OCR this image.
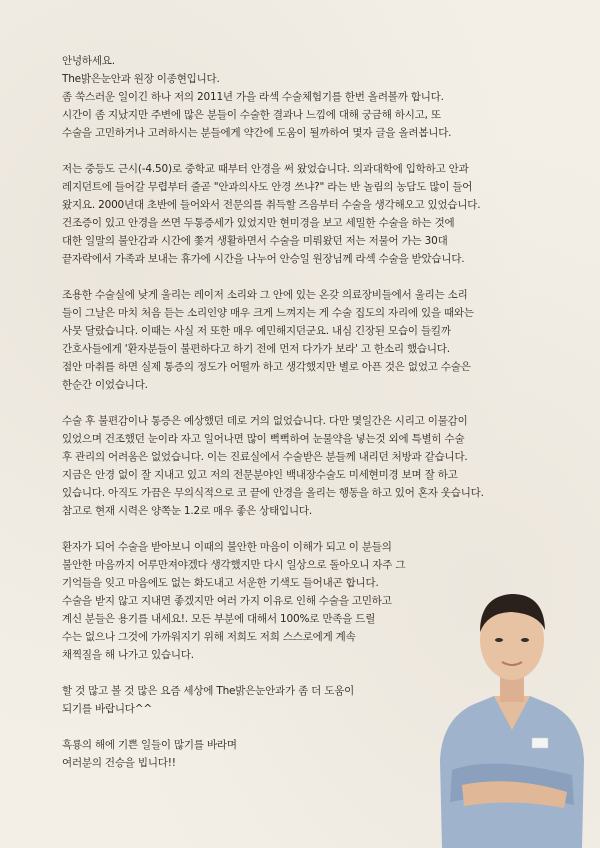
안녕하세요.

The밝은눈안과 원장 이종현입니다.

좀 쑥스러운 일이긴 하나 저의 2011년 가을 라섹 수술체험기를 한번 올려볼까 합니다.

시간이 좀 지났지만 주변에 많은 분들이 수술한 결과나 느낌에 대해 궁금해 하시고, 또

수술을 고민하거나 고려하시는 분들에게 약간에 도움이 될까하여 몇자 글을 올려봅니다.

저는 중등도 근시(-4.50)로 중학교 때부터 안경을 써 왔었습니다. 의과대학에 입학하고 안과

레지던트에 들어갈 무렵부터 줄곧 "안과의사도 안경 쓰냐?" 라는 반 놀림의 농담도 많이 들어

왔지요. 2000년대 초반에 들어와서 전문의를 취득할 즈음부터 수술을 생각해오고 있었습니다.

건조증이 있고 안경을 쓰면 두통증세가 있었지만 현미경을 보고 세밀한 수술을 하는 것에

대한 일말의 불안감과 시간에 쫓겨 생활하면서 수술을 미뤄왔던 저는 저물어 가는 30대

끝자락에서 가족과 보내는 휴가에 시간을 나누어 안승일 원장님께 라섹 수술을 받았습니다.

조용한 수술실에 낮게 울리는 레이저 소리와 그 안에 있는 온갖 의료장비들에서 울리는 소리

들이 그날은 마치 처음 듣는 소리인양 매우 크게 느껴지는 게 수술 집도의 자리에 있을 때와는

사뭇 달랐습니다. 이때는 사실 저 또한 매우 예민해지던군요. 내심 긴장된 모습이 들킬까

간호사들에게 '환자분들이 불편하다고 하기 전에 먼저 다가가 보라' 고 한소리 했습니다.

점안 마취를 하면 실제 통증의 정도가 어떨까 하고 생각했지만 별로 아픈 것은 없었고 수술은

한순간 이었습니다.

수술 후 불편감이나 통증은 예상했던 데로 거의 없었습니다. 다만 몇일간은 시리고 이물감이

있었으며 건조했던 눈이라 자고 일어나면 많이 뻑뻑하여 눈물약을 넣는것 외에 특별히 수술

후 관리의 어려움은 없었습니다. 이는 진료실에서 수술받은 분들께 내리던 처방과 같습니다.

지금은 안경 없이 잘 지내고 있고 저의 전문분야인 백내장수술도 미세현미경 보며 잘 하고

있습니다. 아직도 가끔은 무의식적으로 코 끝에 안경을 올리는 행동을 하고 있어 혼자 웃습니다.

참고로 현재 시력은 양쪽눈 1.2로 매우 좋은 상태입니다.

환자가 되어 수술을 받아보니 이때의 불안한 마음이 이해가 되고 이 분들의

불안한 마음까지 어루만져야겠다 생각했지만 다시 일상으로 돌아오니 자주 그

기억들을 잊고 마음에도 없는 화도내고 서운한 기색도 들어내곤 합니다.

수술을 받지 않고 지내면 좋겠지만 여러 가지 이유로 인해 수술을 고민하고

계신 분들은 용기를 내세요!. 모든 부분에 대해서 100%로 만족을 드릴

수는 없으나 그것에 가까워지기 위해 저희도 저희 스스로에게 계속

채찍질을 해 나가고 있습니다.

할 것 많고 볼 것 많은 요즘 세상에 The밝은눈안과가 좀 더 도움이

되기를 바랍니다^^

흑룡의 해에 기쁜 일들이 많기를 바라며

여러분의 건승을 빕니다!!
